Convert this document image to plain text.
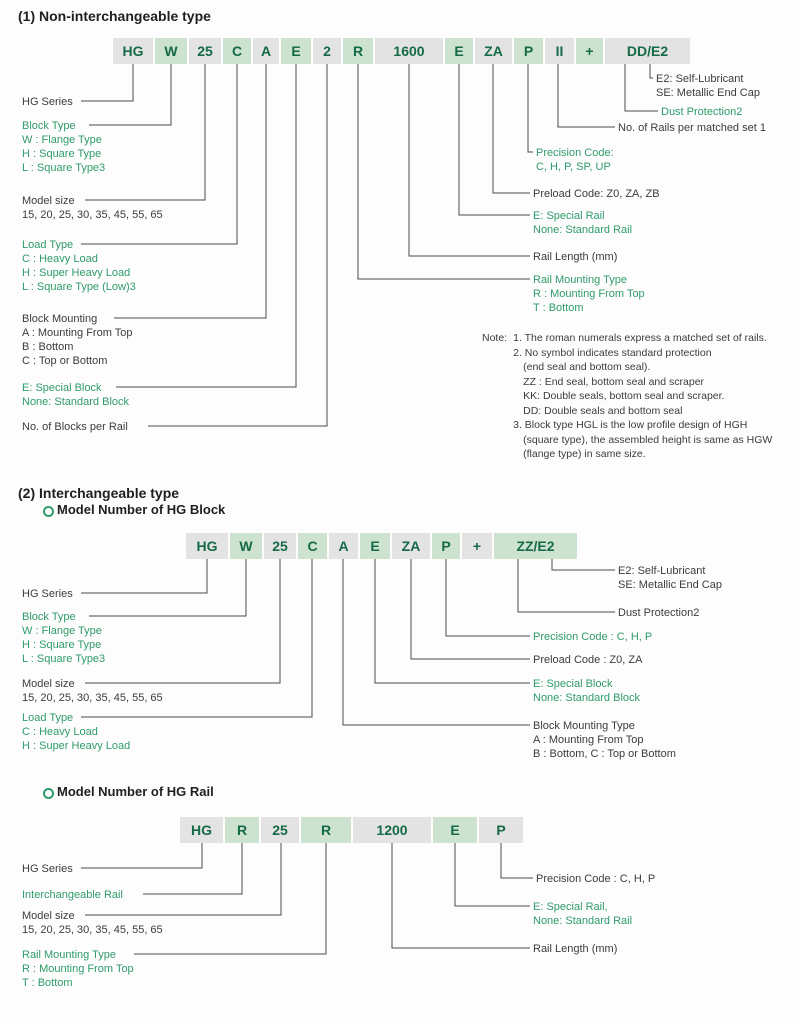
(1) Non-interchangeable type
HG	W	25	C	A	E	2	R	1600	E	ZA	P	II	+	DD/E2
HG Series
Block Type
W : Flange Type
H : Square Type
L : Square Type3
Model size
15, 20, 25, 30, 35, 45, 55, 65
Load Type
C : Heavy Load
H : Super Heavy Load
L : Square Type (Low)3
Block Mounting
A : Mounting From Top
B : Bottom
C : Top or Bottom
E: Special Block
None: Standard Block
No. of Blocks per Rail
E2: Self-Lubricant
SE: Metallic End Cap
Dust Protection2
No. of Rails per matched set 1
Precision Code:
C, H, P, SP, UP
Preload Code: Z0, ZA, ZB
E: Special Rail
None: Standard Rail
Rail Length (mm)
Rail Mounting Type
R : Mounting From Top
T : Bottom
Note: 1. The roman numerals express a matched set of rails.
2. No symbol indicates standard protection
(end seal and bottom seal).
ZZ : End seal, bottom seal and scraper
KK: Double seals, bottom seal and scraper.
DD: Double seals and bottom seal
3. Block type HGL is the low profile design of HGH
(square type), the assembled height is same as HGW
(flange type) in same size.
(2) Interchangeable type
Model Number of HG Block
HG	W	25	C	A	E	ZA	P	+	ZZ/E2
HG Series
Block Type
W : Flange Type
H : Square Type
L : Square Type3
Model size
15, 20, 25, 30, 35, 45, 55, 65
Load Type
C : Heavy Load
H : Super Heavy Load
E2: Self-Lubricant
SE: Metallic End Cap
Dust Protection2
Precision Code : C, H, P
Preload Code : Z0, ZA
E: Special Block
None: Standard Block
Block Mounting Type
A : Mounting From Top
B : Bottom, C : Top or Bottom
Model Number of HG Rail
HG	R	25	R	1200	E	P
HG Series
Interchangeable Rail
Model size
15, 20, 25, 30, 35, 45, 55, 65
Rail Mounting Type
R : Mounting From Top
T : Bottom
Precision Code : C, H, P
E: Special Rail,
None: Standard Rail
Rail Length (mm)
